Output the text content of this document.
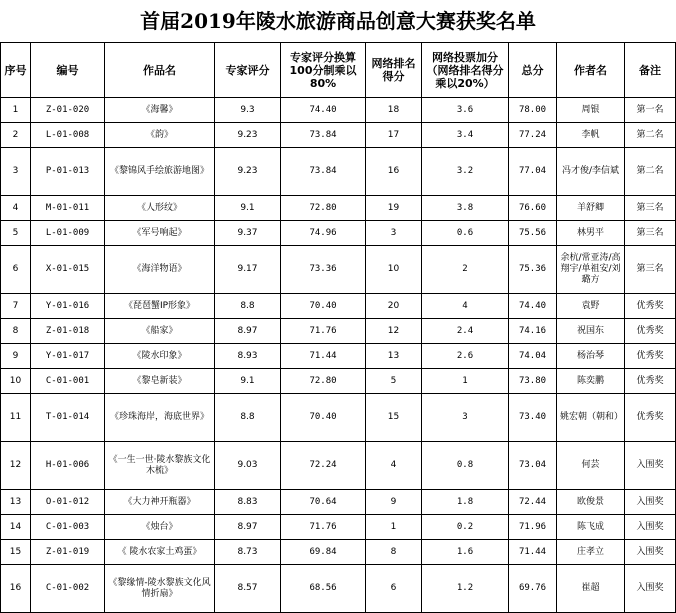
首届2019年陵水旅游商品创意大赛获奖名单
序号	编号	作品名	专家评分	专家评分换算100分制乘以80%	网络排名得分	网络投票加分（网络排名得分乘以20%）	总分	作者名	备注
1	Z-01-020	《海馨》	9.3	74.40	18	3.6	78.00	周银	第一名
2	L-01-008	《韵》	9.23	73.84	17	3.4	77.24	李帆	第二名
3	P-01-013	《黎锦风手绘旅游地图》	9.23	73.84	16	3.2	77.04	冯才俊/李信斌	第二名
4	M-01-011	《人形纹》	9.1	72.80	19	3.8	76.60	羊舒卿	第三名
5	L-01-009	《军号响起》	9.37	74.96	3	0.6	75.56	林男平	第三名
6	X-01-015	《海洋物语》	9.17	73.36	10	2	75.36	余杭/常亚涛/高翔宇/单祖安/刘璐方	第三名
7	Y-01-016	《琵琶蟹IP形象》	8.8	70.40	20	4	74.40	袁野	优秀奖
8	Z-01-018	《船家》	8.97	71.76	12	2.4	74.16	祝国东	优秀奖
9	Y-01-017	《陵水印象》	8.93	71.44	13	2.6	74.04	杨治琴	优秀奖
10	C-01-001	《黎皂新装》	9.1	72.80	5	1	73.80	陈奕鹏	优秀奖
11	T-01-014	《珍珠海岸，海底世界》	8.8	70.40	15	3	73.40	姚宏朝（朝和）	优秀奖
12	H-01-006	《一生一世·陵水黎族文化木梳》	9.03	72.24	4	0.8	73.04	何芸	入围奖
13	O-01-012	《大力神开瓶器》	8.83	70.64	9	1.8	72.44	欧俊景	入围奖
14	C-01-003	《烛台》	8.97	71.76	1	0.2	71.96	陈飞成	入围奖
15	Z-01-019	《 陵水农家土鸡蛋》	8.73	69.84	8	1.6	71.44	庄孝立	入围奖
16	C-01-002	《黎缘情-陵水黎族文化风情折扇》	8.57	68.56	6	1.2	69.76	崔超	入围奖
